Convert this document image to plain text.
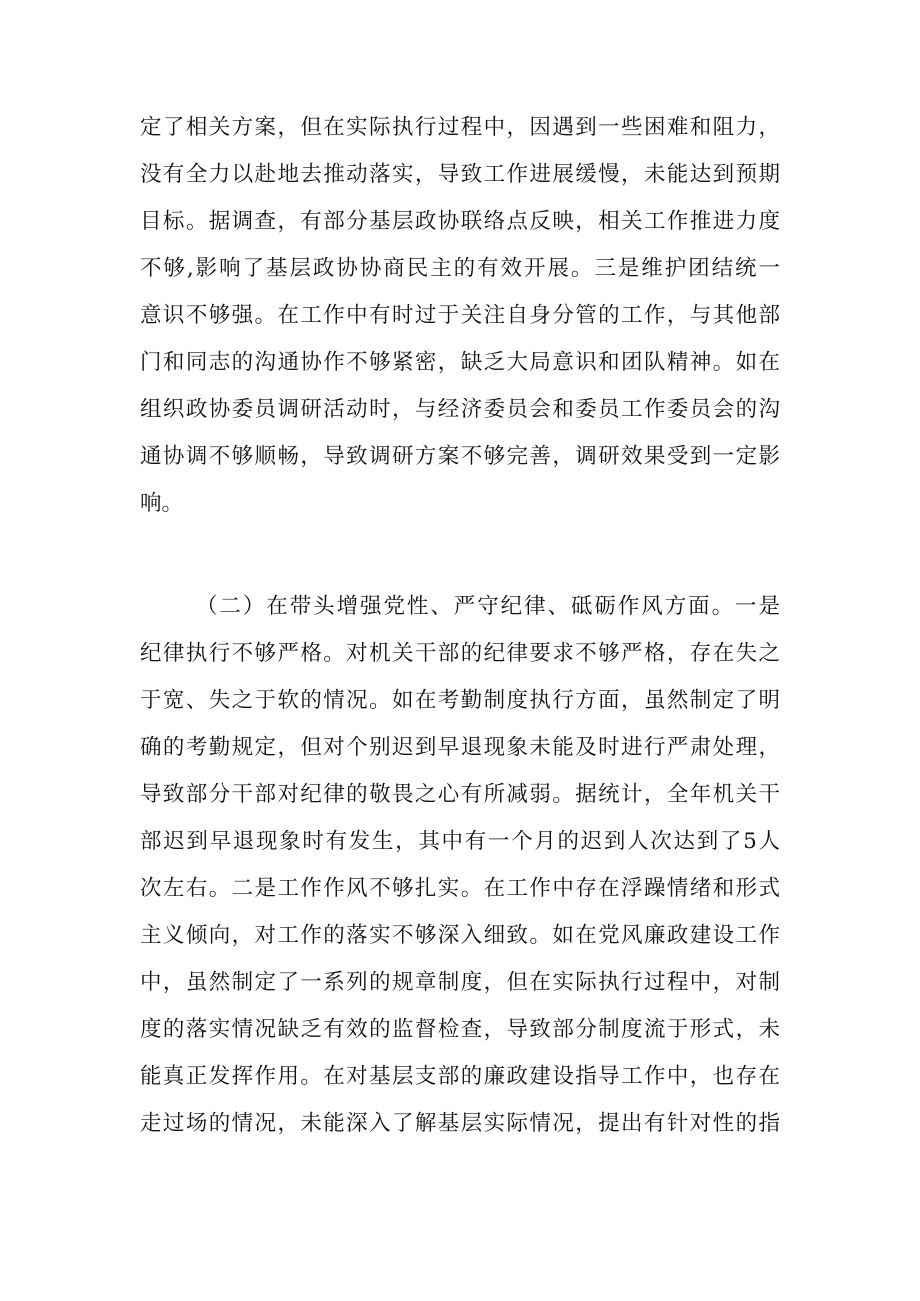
定了相关方案，但在实际执行过程中，因遇到一些困难和阻力，
没有全力以赴地去推动落实，导致工作进展缓慢，未能达到预期
目标。据调查，有部分基层政协联络点反映，相关工作推进力度
不够,影响了基层政协协商民主的有效开展。三是维护团结统一
意识不够强。在工作中有时过于关注自身分管的工作，与其他部
门和同志的沟通协作不够紧密，缺乏大局意识和团队精神。如在
组织政协委员调研活动时，与经济委员会和委员工作委员会的沟
通协调不够顺畅，导致调研方案不够完善，调研效果受到一定影
响。
（二）在带头增强党性、严守纪律、砥砺作风方面。一是
纪律执行不够严格。对机关干部的纪律要求不够严格，存在失之
于宽、失之于软的情况。如在考勤制度执行方面，虽然制定了明
确的考勤规定，但对个别迟到早退现象未能及时进行严肃处理，
导致部分干部对纪律的敬畏之心有所减弱。据统计，全年机关干
部迟到早退现象时有发生，其中有一个月的迟到人次达到了5人
次左右。二是工作作风不够扎实。在工作中存在浮躁情绪和形式
主义倾向，对工作的落实不够深入细致。如在党风廉政建设工作
中，虽然制定了一系列的规章制度，但在实际执行过程中，对制
度的落实情况缺乏有效的监督检查，导致部分制度流于形式，未
能真正发挥作用。在对基层支部的廉政建设指导工作中，也存在
走过场的情况，未能深入了解基层实际情况，提出有针对性的指
